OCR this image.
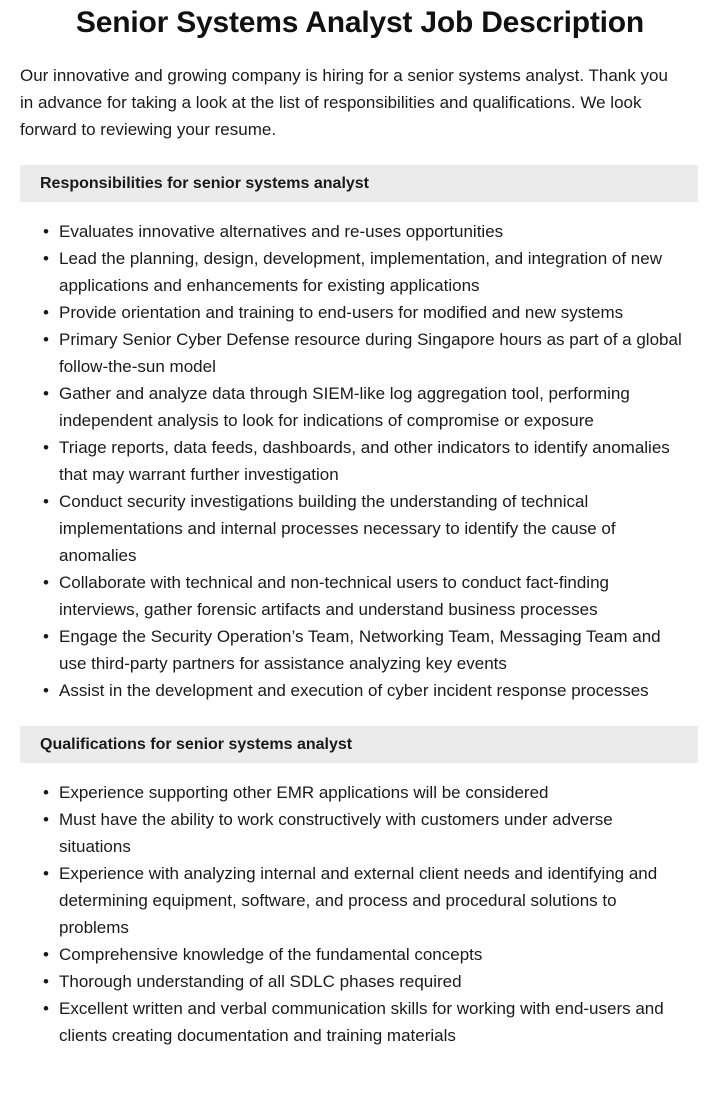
Senior Systems Analyst Job Description

Our innovative and growing company is hiring for a senior systems analyst. Thank you in advance for taking a look at the list of responsibilities and qualifications. We look forward to reviewing your resume.

Responsibilities for senior systems analyst
• Evaluates innovative alternatives and re-uses opportunities
• Lead the planning, design, development, implementation, and integration of new applications and enhancements for existing applications
• Provide orientation and training to end-users for modified and new systems
• Primary Senior Cyber Defense resource during Singapore hours as part of a global follow-the-sun model
• Gather and analyze data through SIEM-like log aggregation tool, performing independent analysis to look for indications of compromise or exposure
• Triage reports, data feeds, dashboards, and other indicators to identify anomalies that may warrant further investigation
• Conduct security investigations building the understanding of technical implementations and internal processes necessary to identify the cause of anomalies
• Collaborate with technical and non-technical users to conduct fact-finding interviews, gather forensic artifacts and understand business processes
• Engage the Security Operation’s Team, Networking Team, Messaging Team and use third-party partners for assistance analyzing key events
• Assist in the development and execution of cyber incident response processes
Qualifications for senior systems analyst
• Experience supporting other EMR applications will be considered
• Must have the ability to work constructively with customers under adverse situations
• Experience with analyzing internal and external client needs and identifying and determining equipment, software, and process and procedural solutions to problems
• Comprehensive knowledge of the fundamental concepts
• Thorough understanding of all SDLC phases required
• Excellent written and verbal communication skills for working with end-users and clients creating documentation and training materials
